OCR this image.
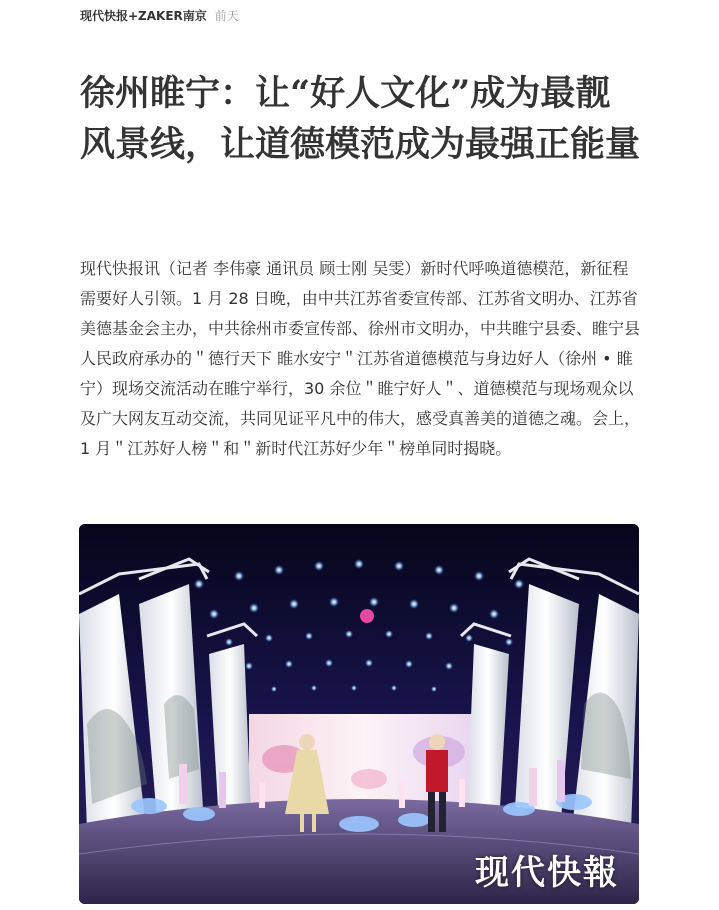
现代快报+ZAKER南京 前天
徐州睢宁：让“好人文化”成为最靓风景线，让道德模范成为最强正能量

现代快报讯（记者 李伟豪 通讯员 顾士刚 吴雯）新时代呼唤道德模范，新征程需要好人引领。1 月 28 日晚，由中共江苏省委宣传部、江苏省文明办、江苏省美德基金会主办，中共徐州市委宣传部、徐州市文明办，中共睢宁县委、睢宁县人民政府承办的＂德行天下 睢水安宁＂江苏省道德模范与身边好人（徐州 • 睢宁）现场交流活动在睢宁举行，30 余位＂睢宁好人＂、道德模范与现场观众以及广大网友互动交流，共同见证平凡中的伟大，感受真善美的道德之魂。会上，1 月＂江苏好人榜＂和＂新时代江苏好少年＂榜单同时揭晓。

现代快報
